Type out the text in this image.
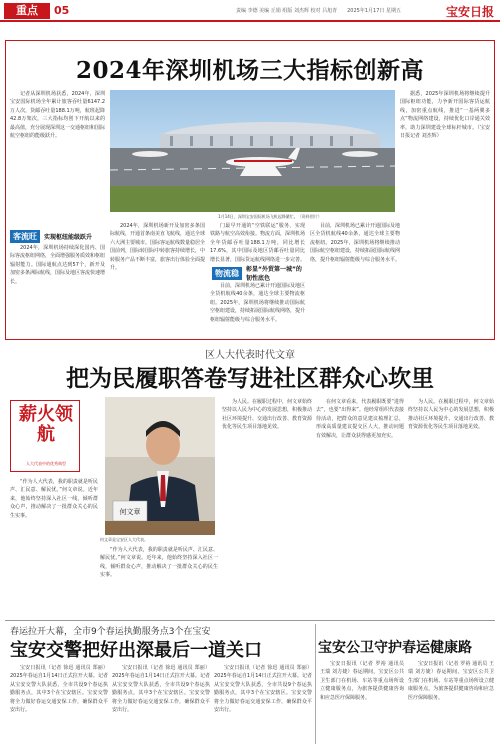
重点	05	责编 李德 美编 丘娟 组版 刘杰辉 校对 吕旭青　　2025年1月17日 星期五	宝安日报
2024年深圳机场三大指标创新高

记者从深圳机场获悉，2024年，深圳宝安国际机场全年累计旅客吞吐量6147.2万人次，货邮吞吐量188.1万吨，航班起降42.8万架次，三大指标均创下开航以来的最高值，充分展现深圳这一交通枢纽和国际航空枢纽的能级跃升。

客流旺	实现枢纽能级跃升

2024年，深圳机场持续深化国内、国际客流枢纽网络，全面增强服务质效和枢纽辐射能力。国际通航点达到57个，新开及加密多条洲际航线，国际及地区客流快速增长。

1月14日，深圳宝安国际机场飞机起降繁忙。（资料图片）

2024年，深圳机场新开及加密多条国际航线，开通首条南美直飞航线，通达全球六大洲主要城市。国际客运航线数量稳居全国前列，国际转国际中转旅客持续增长，中转服务产品不断丰富，旅客出行体验全面提升。

门最早开通的“空铁联运”服务，实现铁路与航空高效衔接。物流方面，深圳机场全年货邮吞吐量188.1万吨，同比增长17.6%，其中国际及地区货邮吞吐量同比增长显著，国际货运航线网络进一步完善。

物流稳	彰显“外贸第一城”的韧性底色

目前，深圳机场已累计开通国际及地区全货机航线40余条，通达全球主要物流枢纽。2025年，深圳机场将继续推动国际航空枢纽建设，持续拓展国际航线网络，提升枢纽辐射能级与综合服务水平。

目前，深圳机场已累计开通国际及地区全货机航线40余条，通达全球主要物流枢纽。2025年，深圳机场将继续推动国际航空枢纽建设，持续拓展国际航线网络，提升枢纽辐射能级与综合服务水平。

据悉，2025年深圳机场将继续提升国际枢纽功能，力争新开国际客货运航线，加密重点航线，推进“一基两翼多点”物流网络建设，持续优化口岸通关效率，助力深圳建设全球标杆城市。（宝安日报记者 刘杰辉）

区人大代表时代文章
把为民履职答卷写进社区群众心坎里
薪火领航
人大代表中的优秀典型

“作为人大代表，我的职责就是听民声、汇民意、解民忧。”何文章说。近年来，他始终坚持深入社区一线，倾听群众心声，推动解决了一批群众关心的民生实事。	何文章
何文章是宝安区人大代表。

“作为人大代表，我的职责就是听民声、汇民意、解民忧。”何文章说。近年来，他始终坚持深入社区一线，倾听群众心声，推动解决了一批群众关心的民生实事。

为人民。在履职过程中，何文章始终坚持以人民为中心的发展思想，积极推动社区环境提升、交通出行改善、教育资源优化等民生项目落地见效。

在何文章看来，代表履职既要“进得去”，也要“出得来”。他经常组织代表接待活动，把群众的意见建议梳理汇总，形成高质量建议提交区人大，推动问题有效解决，让群众获得感更加充实。

为人民。在履职过程中，何文章始终坚持以人民为中心的发展思想，积极推动社区环境提升、交通出行改善、教育资源优化等民生项目落地见效。

春运拉开大幕，全市9个春运执勤服务点3个在宝安
宝安交警把好出深最后一道关口

宝安日报讯（记者 徐迅 通讯员 郑丽）2025年春运自1月14日正式拉开大幕。记者从宝安交警大队获悉，全市共设9个春运执勤服务点，其中3个在宝安辖区。宝安交警将全力做好春运交通安保工作，确保群众平安出行。

宝安日报讯（记者 徐迅 通讯员 郑丽）2025年春运自1月14日正式拉开大幕。记者从宝安交警大队获悉，全市共设9个春运执勤服务点，其中3个在宝安辖区。宝安交警将全力做好春运交通安保工作，确保群众平安出行。

宝安日报讯（记者 徐迅 通讯员 郑丽）2025年春运自1月14日正式拉开大幕。记者从宝安交警大队获悉，全市共设9个春运执勤服务点，其中3个在宝安辖区。宝安交警将全力做好春运交通安保工作，确保群众平安出行。

宝安公卫守护春运健康路

宝安日报讯（记者 罗裕 通讯员 王瑞 刘方婕）春运期间，宝安区公共卫生部门在机场、车站等重点场所设立健康服务点，为旅客提供健康咨询和应急医疗保障服务。

宝安日报讯（记者 罗裕 通讯员 王瑞 刘方婕）春运期间，宝安区公共卫生部门在机场、车站等重点场所设立健康服务点，为旅客提供健康咨询和应急医疗保障服务。
